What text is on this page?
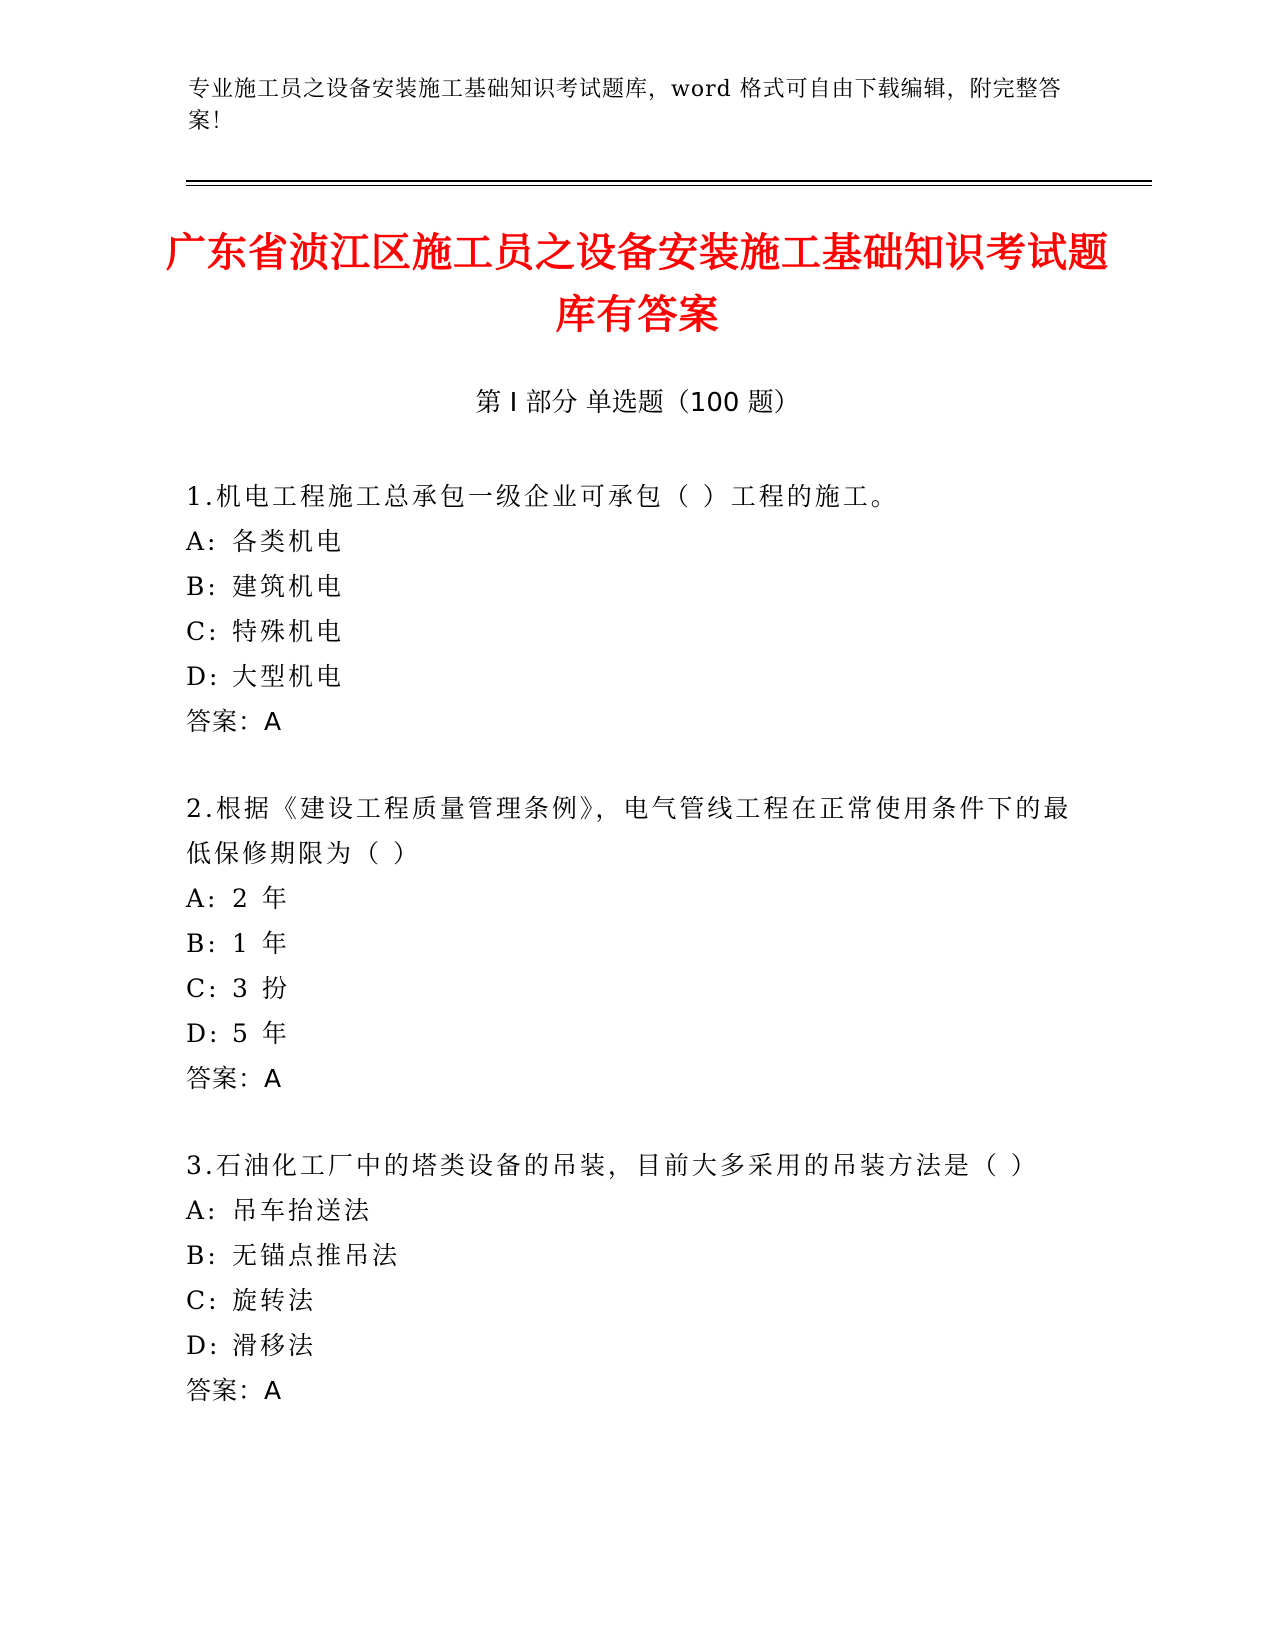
专业施工员之设备安装施工基础知识考试题库，word 格式可自由下载编辑，附完整答案！
广东省浈江区施工员之设备安装施工基础知识考试题库有答案
第 I 部分 单选题（100 题）
1.机电工程施工总承包一级企业可承包（ ）工程的施工。
A: 各类机电
B: 建筑机电
C: 特殊机电
D: 大型机电
答案：A
2.根据《建设工程质量管理条例》，电气管线工程在正常使用条件下的最低保修期限为（ ）
A: 2 年
B: 1 年
C: 3 扮
D: 5 年
答案：A
3.石油化工厂中的塔类设备的吊装，目前大多采用的吊装方法是（ ）
A: 吊车抬送法
B: 无锚点推吊法
C: 旋转法
D: 滑移法
答案：A
